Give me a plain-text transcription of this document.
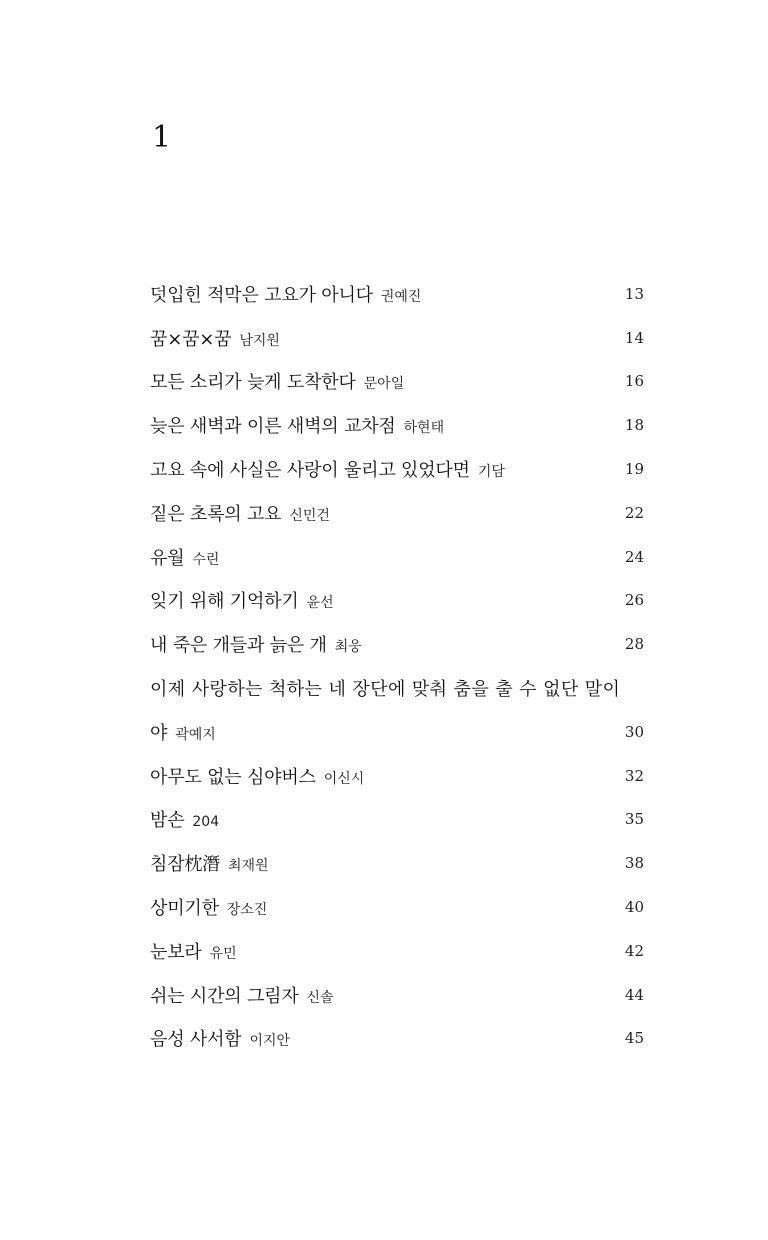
1
덧입힌 적막은 고요가 아니다 권예진	13
꿈×꿈×꿈 남지원	14
모든 소리가 늦게 도착한다 문아일	16
늦은 새벽과 이른 새벽의 교차점 하현태	18
고요 속에 사실은 사랑이 울리고 있었다면 기담	19
짙은 초록의 고요 신민건	22
유월 수린	24
잊기 위해 기억하기 윤선	26
내 죽은 개들과 늙은 개 최웅	28
이제 사랑하는 척하는 네 장단에 맞춰 춤을 출 수 없단 말이
야 곽예지	30
아무도 없는 심야버스 이신시	32
밤손 204	35
침잠枕潛 최재원	38
상미기한 장소진	40
눈보라 유민	42
쉬는 시간의 그림자 신솔	44
음성 사서함 이지안	45
